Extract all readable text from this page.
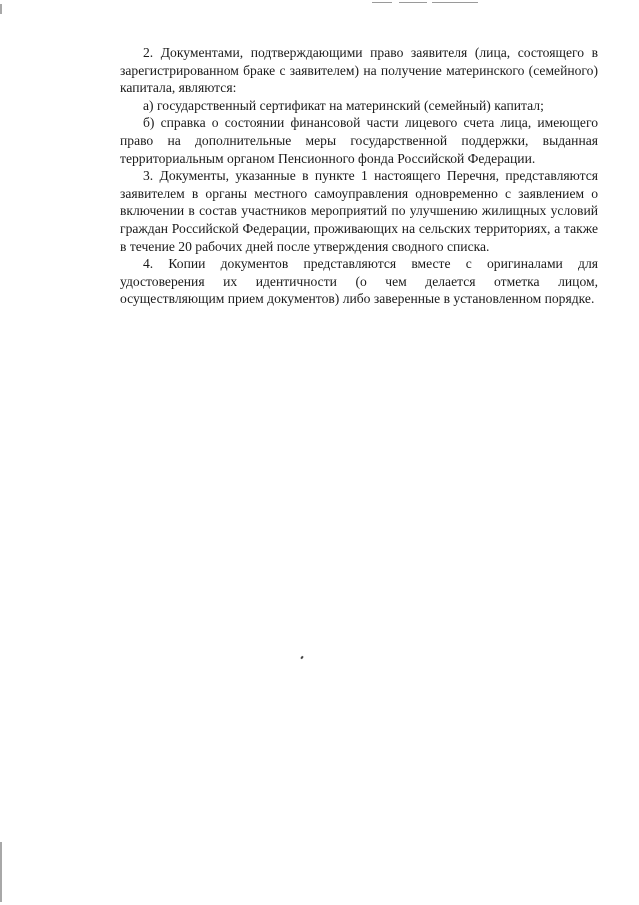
2. Документами, подтверждающими право заявителя (лица, состоящего в зарегистрированном браке с заявителем) на получение материнского (семейного) капитала, являются:

а) государственный сертификат на материнский (семейный) капитал;

б) справка о состоянии финансовой части лицевого счета лица, имеющего право на дополнительные меры государственной поддержки, выданная территориальным органом Пенсионного фонда Российской Федерации.

3. Документы, указанные в пункте 1 настоящего Перечня, представляются заявителем в органы местного самоуправления одновременно с заявлением о включении в состав участников мероприятий по улучшению жилищных условий граждан Российской Федерации, проживающих на сельских территориях, а также в течение 20 рабочих дней после утверждения сводного списка.

4. Копии документов представляются вместе с оригиналами для удостоверения их идентичности (о чем делается отметка лицом, осуществляющим прием документов) либо заверенные в установленном порядке.
